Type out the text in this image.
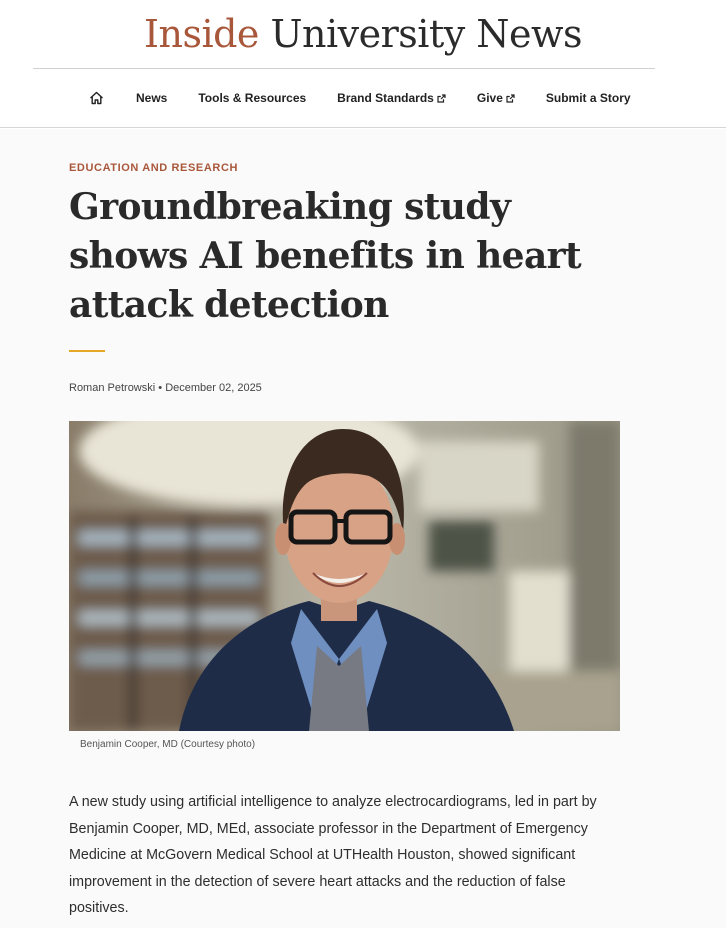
Inside University News
News	Tools & Resources	Brand Standards	Give	Submit a Story
EDUCATION AND RESEARCH
Groundbreaking study shows AI benefits in heart attack detection
Roman Petrowski • December 02, 2025
Benjamin Cooper, MD (Courtesy photo)

A new study using artificial intelligence to analyze electrocardiograms, led in part by Benjamin Cooper, MD, MEd, associate professor in the Department of Emergency Medicine at McGovern Medical School at UTHealth Houston, showed significant improvement in the detection of severe heart attacks and the reduction of false positives.
